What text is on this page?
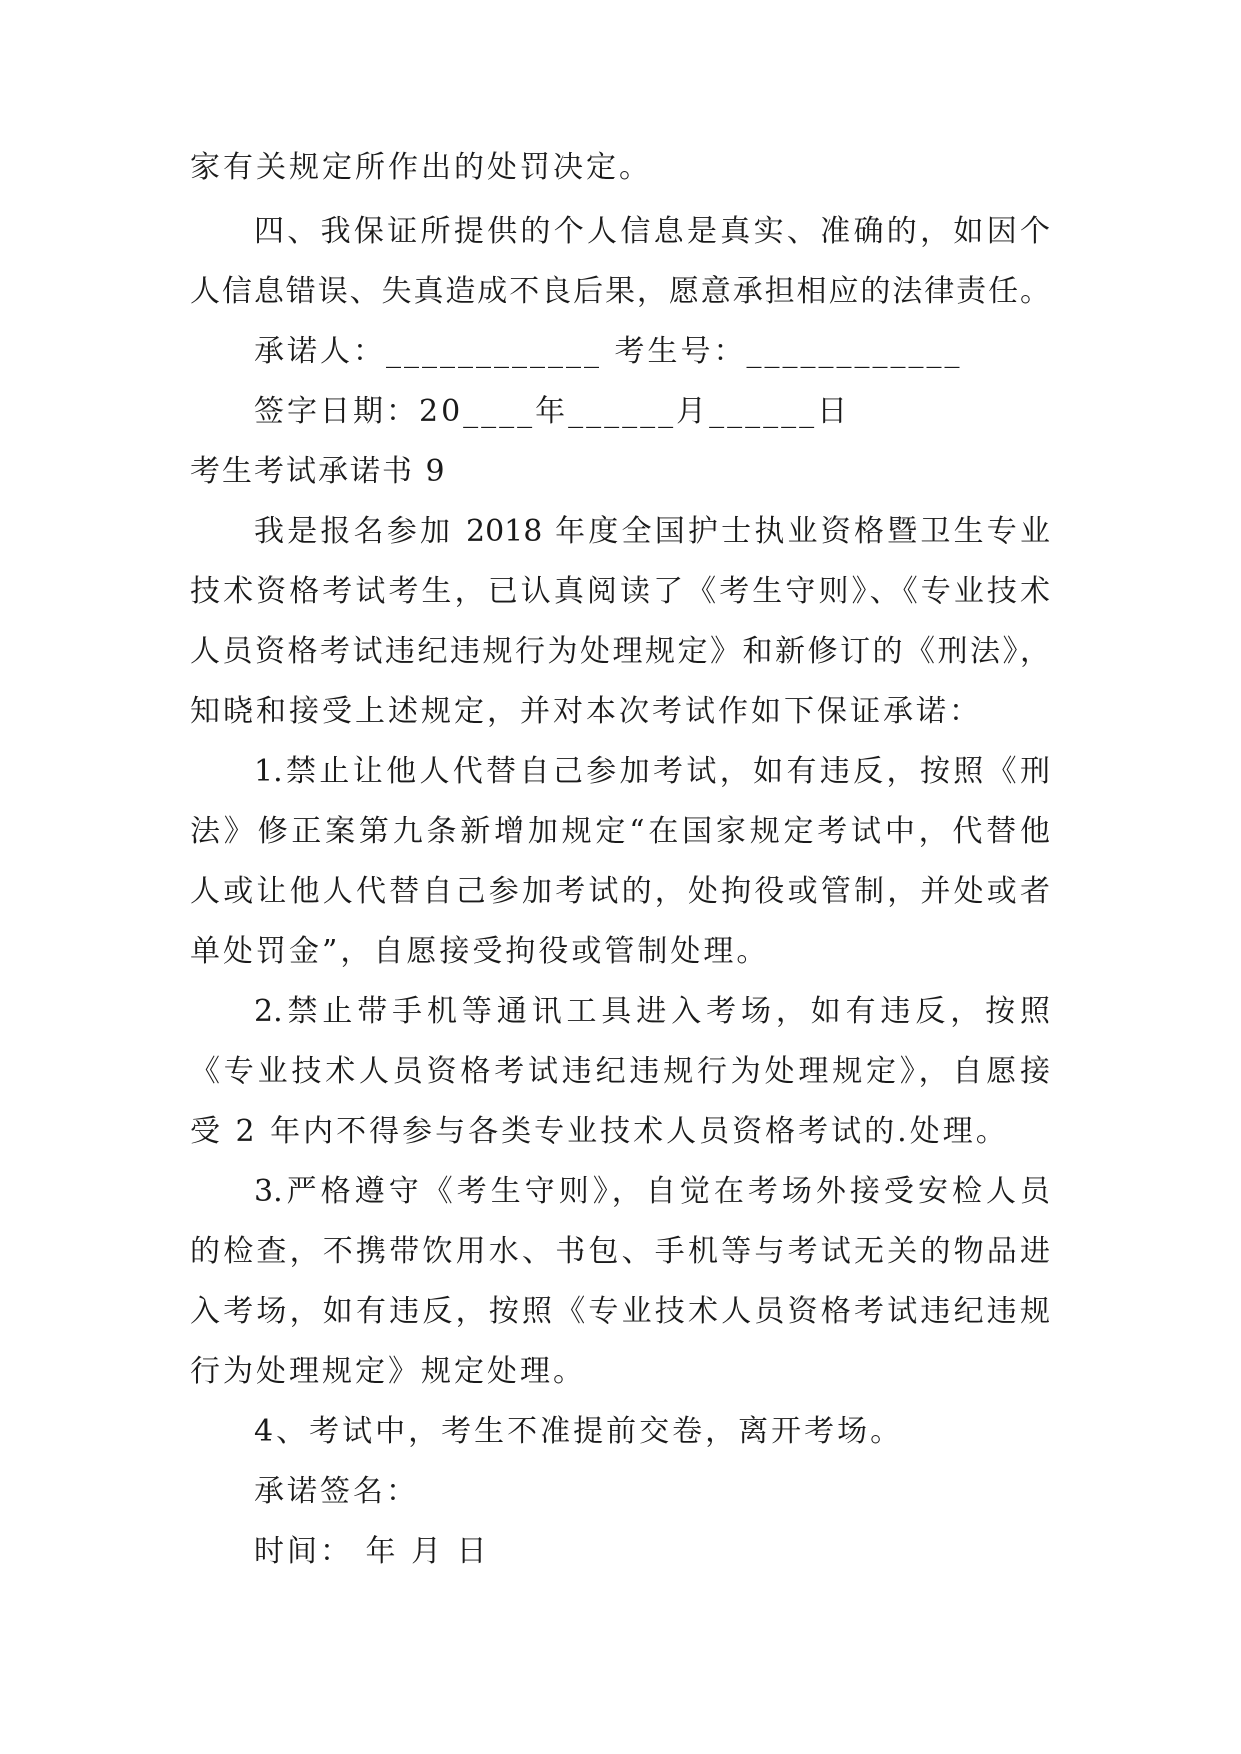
家有关规定所作出的处罚决定。
四、我保证所提供的个人信息是真实、准确的，如因个
人信息错误、失真造成不良后果，愿意承担相应的法律责任。
承诺人：____________ 考生号：____________
签字日期：20____年______月______日
考生考试承诺书 9
我是报名参加 2018 年度全国护士执业资格暨卫生专业
技术资格考试考生，已认真阅读了《考生守则》、《专业技术
人员资格考试违纪违规行为处理规定》和新修订的《刑法》，
知晓和接受上述规定，并对本次考试作如下保证承诺：
1.禁止让他人代替自己参加考试，如有违反，按照《刑
法》修正案第九条新增加规定“在国家规定考试中，代替他
人或让他人代替自己参加考试的，处拘役或管制，并处或者
单处罚金”，自愿接受拘役或管制处理。
2.禁止带手机等通讯工具进入考场，如有违反，按照
《专业技术人员资格考试违纪违规行为处理规定》，自愿接
受 2 年内不得参与各类专业技术人员资格考试的.处理。
3.严格遵守《考生守则》，自觉在考场外接受安检人员
的检查，不携带饮用水、书包、手机等与考试无关的物品进
入考场，如有违反，按照《专业技术人员资格考试违纪违规
行为处理规定》规定处理。
4、考试中，考生不准提前交卷，离开考场。
承诺签名：
时间： 年 月 日
